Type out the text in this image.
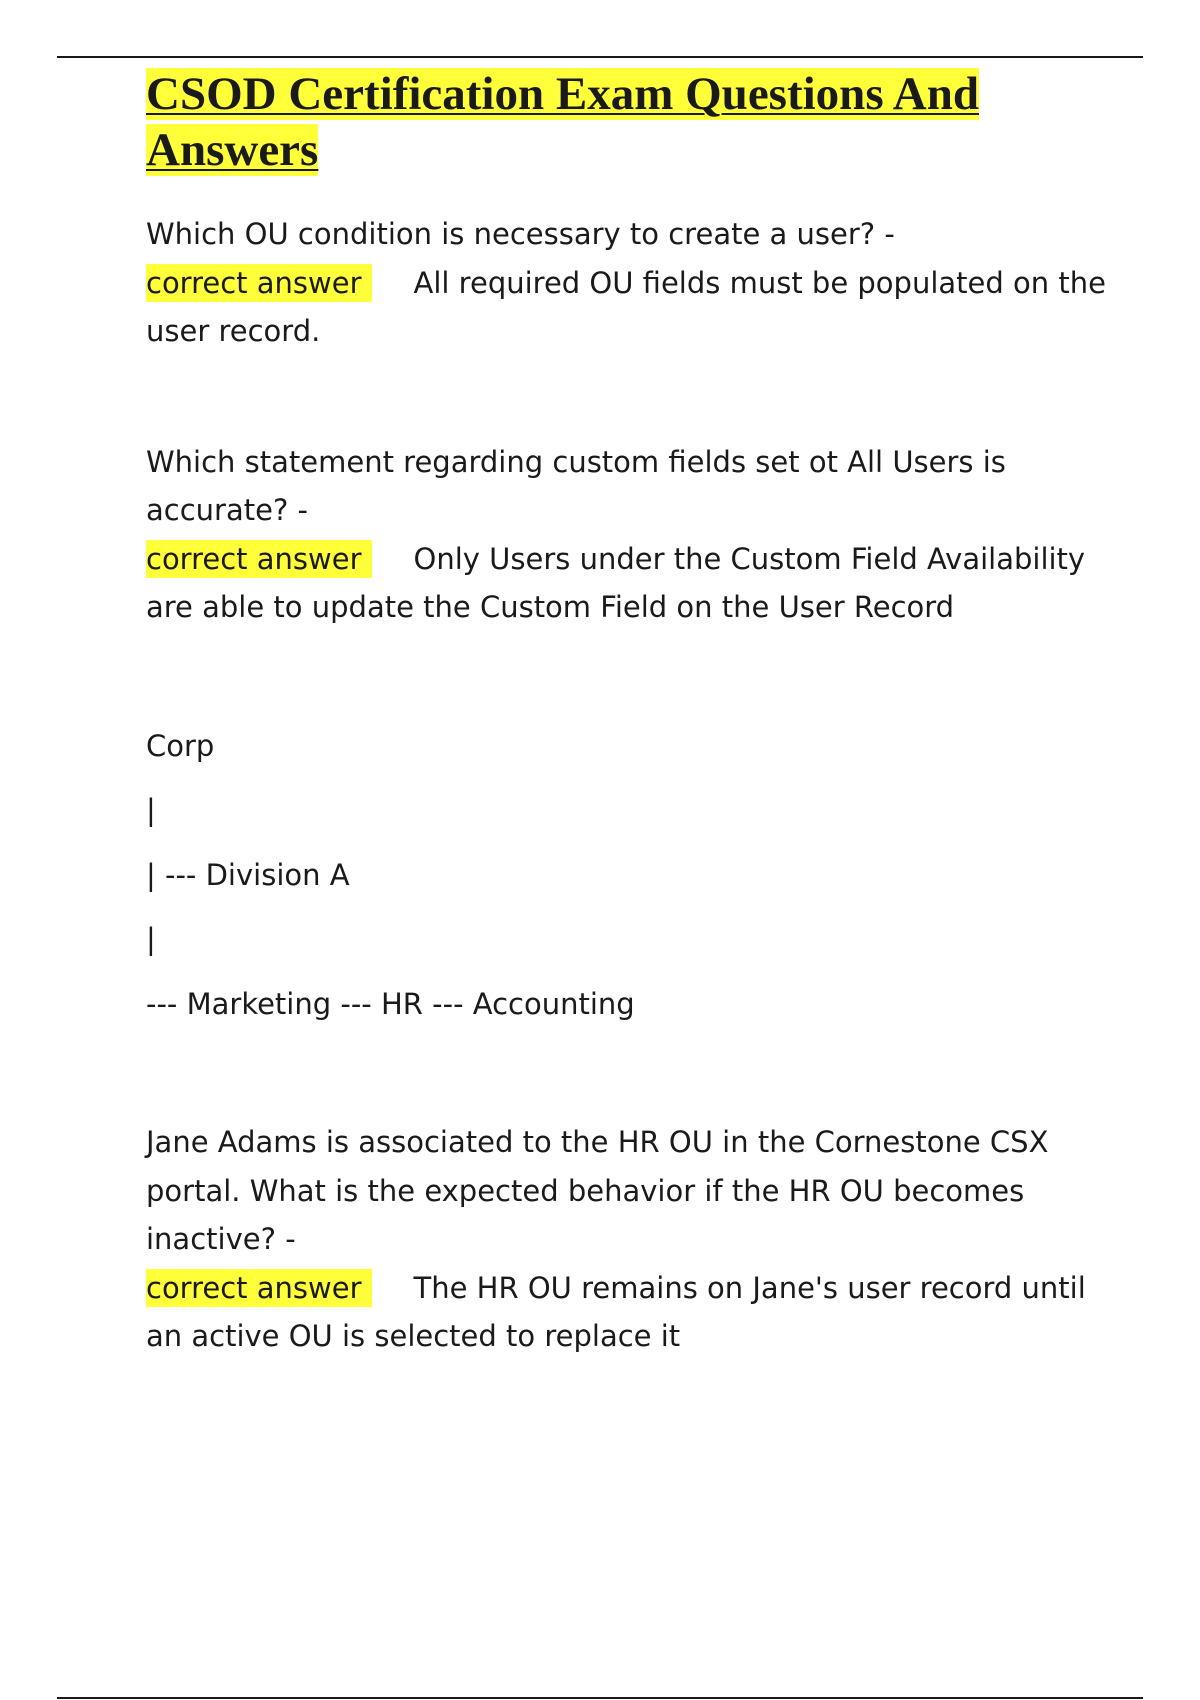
CSOD Certification Exam Questions And Answers

Which OU condition is necessary to create a user? -

correct answer All required OU fields must be populated on the user record.

Which statement regarding custom fields set ot All Users is accurate? -

correct answer Only Users under the Custom Field Availability are able to update the Custom Field on the User Record

Corp

|

| --- Division A

|

--- Marketing --- HR --- Accounting

Jane Adams is associated to the HR OU in the Cornestone CSX portal. What is the expected behavior if the HR OU becomes inactive? -

correct answer The HR OU remains on Jane's user record until an active OU is selected to replace it
